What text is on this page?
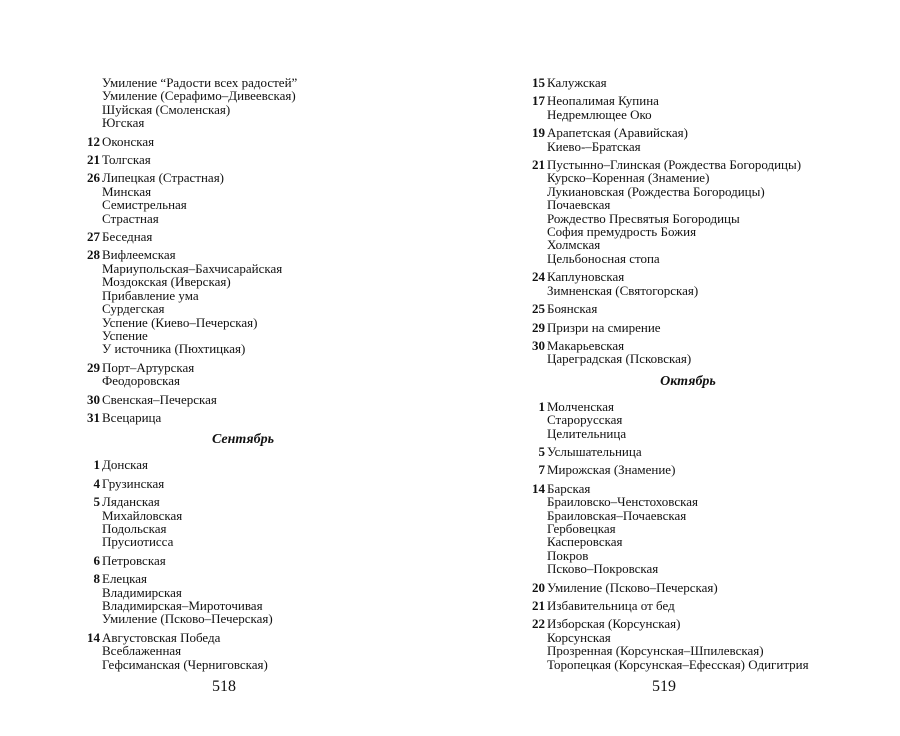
Умиление “Радости всех радостей”
Умиление (Серафимо–Дивеевская)
Шуйская (Смоленская)
Югская
12 Оконская
21 Толгская
26 Липецкая (Страстная)
Минская
Семистрельная
Страстная
27 Беседная
28 Вифлеемская
Мариупольская–Бахчисарайская
Моздокская (Иверская)
Прибавление ума
Сурдегская
Успение (Киево–Печерская)
Успение
У источника (Пюхтицкая)
29 Порт–Артурская
Феодоровская
30 Свенская–Печерская
31 Всецарица
Сентябрь
1 Донская
4 Грузинская
5 Ляданская
Михайловская
Подольская
Прусиотисса
6 Петровская
8 Елецкая
Владимирская
Владимирская–Мироточивая
Умиление (Псково–Печерская)
14 Августовская Победа
Всеблаженная
Гефсиманская (Черниговская)
15 Калужская
17 Неопалимая Купина
Недремлющее Око
19 Арапетская (Аравийская)
Киево-–Братская
21 Пустынно–Глинская (Рождества Богородицы)
Курско–Коренная (Знамение)
Лукиановская (Рождества Богородицы)
Почаевская
Рождество Пресвятыя Богородицы
София премудрость Божия
Холмская
Цельбоносная стопа
24 Каплуновская
Зимненская (Святогорская)
25 Боянская
29 Призри на смирение
30 Макарьевская
Цареградская (Псковская)
Октябрь
1 Молченская
Старорусская
Целительница
5 Услышательница
7 Мирожская (Знамение)
14 Барская
Браиловско–Ченстоховская
Браиловская–Почаевская
Гербовецкая
Касперовская
Покров
Псково–Покровская
20 Умиление (Псково–Печерская)
21 Избавительница от бед
22 Изборская (Корсунская)
Корсунская
Прозренная (Корсунская–Шпилевская)
Торопецкая (Корсунская–Ефесская) Одигитрия
518	519
